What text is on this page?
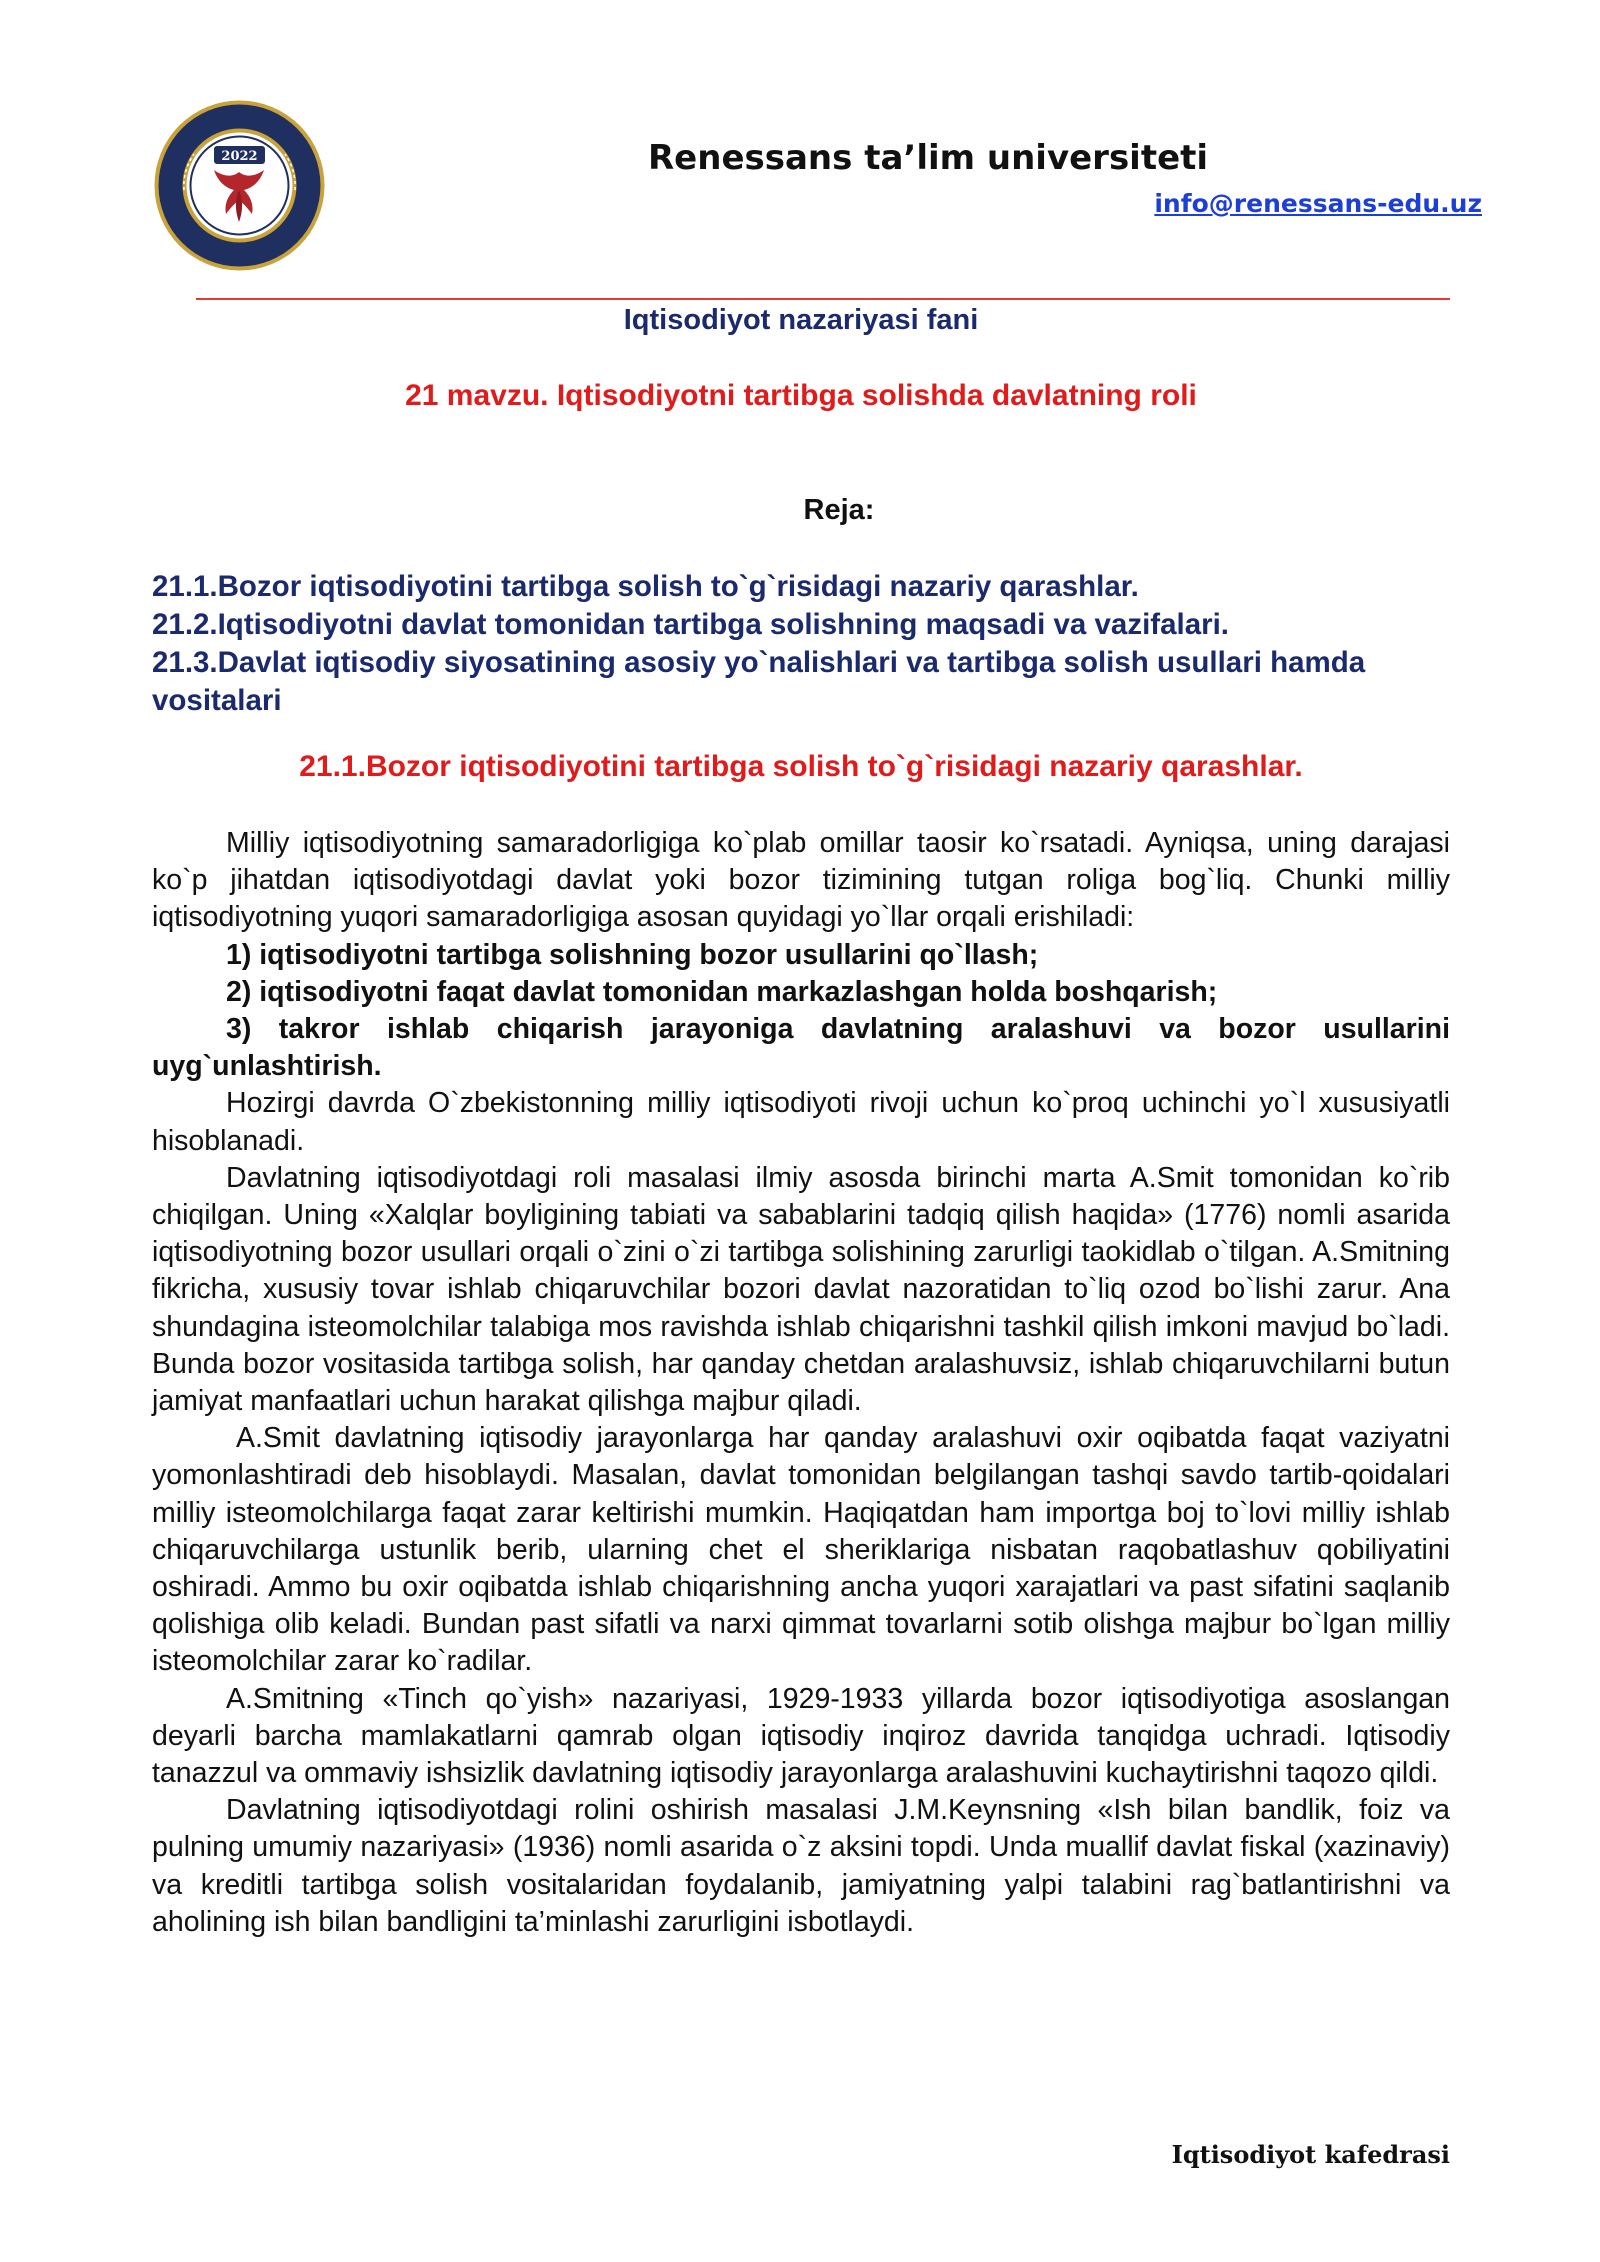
2022	Renessans ta’lim universiteti
info@renessans-edu.uz
Iqtisodiyot nazariyasi fani
21 mavzu. Iqtisodiyotni tartibga solishda davlatning roli
Reja:
21.1.Bozor iqtisodiyotini tartibga solish to`g`risidagi nazariy qarashlar.
21.2.Iqtisodiyotni davlat tomonidan tartibga solishning maqsadi va vazifalari.
21.3.Davlat iqtisodiy siyosatining asosiy yo`nalishlari va tartibga solish usullari hamda vositalari
21.1.Bozor iqtisodiyotini tartibga solish to`g`risidagi nazariy qarashlar.

Milliy iqtisodiyotning samaradorligiga ko`plab omillar taosir ko`rsatadi. Ayniqsa, uning darajasi ko`p jihatdan iqtisodiyotdagi davlat yoki bozor tizimining tutgan roliga bog`liq. Chunki milliy iqtisodiyotning yuqori samaradorligiga asosan quyidagi yo`llar orqali erishiladi:

1) iqtisodiyotni tartibga solishning bozor usullarini qo`llash;

2) iqtisodiyotni faqat davlat tomonidan markazlashgan holda boshqarish;

3) takror ishlab chiqarish jarayoniga davlatning aralashuvi va bozor usullarini uyg`unlashtirish.

Hozirgi davrda O`zbekistonning milliy iqtisodiyoti rivoji uchun ko`proq uchinchi yo`l xususiyatli hisoblanadi.

Davlatning iqtisodiyotdagi roli masalasi ilmiy asosda birinchi marta A.Smit tomonidan ko`rib chiqilgan. Uning «Xalqlar boyligining tabiati va sabablarini tadqiq qilish haqida» (1776) nomli asarida iqtisodiyotning bozor usullari orqali o`zini o`zi tartibga solishining zarurligi taokidlab o`tilgan. A.Smitning fikricha, xususiy tovar ishlab chiqaruvchilar bozori davlat nazoratidan to`liq ozod bo`lishi zarur. Ana shundagina isteomolchilar talabiga mos ravishda ishlab chiqarishni tashkil qilish imkoni mavjud bo`ladi. Bunda bozor vositasida tartibga solish, har qanday chetdan aralashuvsiz, ishlab chiqaruvchilarni butun jamiyat manfaatlari uchun harakat qilishga majbur qiladi.

A.Smit davlatning iqtisodiy jarayonlarga har qanday aralashuvi oxir oqibatda faqat vaziyatni yomonlashtiradi deb hisoblaydi. Masalan, davlat tomonidan belgilangan tashqi savdo tartib-qoidalari milliy isteomolchilarga faqat zarar keltirishi mumkin. Haqiqatdan ham importga boj to`lovi milliy ishlab chiqaruvchilarga ustunlik berib, ularning chet el sheriklariga nisbatan raqobatlashuv qobiliyatini oshiradi. Ammo bu oxir oqibatda ishlab chiqarishning ancha yuqori xarajatlari va past sifatini saqlanib qolishiga olib keladi. Bundan past sifatli va narxi qimmat tovarlarni sotib olishga majbur bo`lgan milliy isteomolchilar zarar ko`radilar.

A.Smitning «Tinch qo`yish» nazariyasi, 1929-1933 yillarda bozor iqtisodiyotiga asoslangan deyarli barcha mamlakatlarni qamrab olgan iqtisodiy inqiroz davrida tanqidga uchradi. Iqtisodiy tanazzul va ommaviy ishsizlik davlatning iqtisodiy jarayonlarga aralashuvini kuchaytirishni taqozo qildi.

Davlatning iqtisodiyotdagi rolini oshirish masalasi J.M.Keynsning «Ish bilan bandlik, foiz va pulning umumiy nazariyasi» (1936) nomli asarida o`z aksini topdi. Unda muallif davlat fiskal (xazinaviy) va kreditli tartibga solish vositalaridan foydalanib, jamiyatning yalpi talabini rag`batlantirishni va aholining ish bilan bandligini ta’minlashi zarurligini isbotlaydi.

Iqtisodiyot kafedrasi
